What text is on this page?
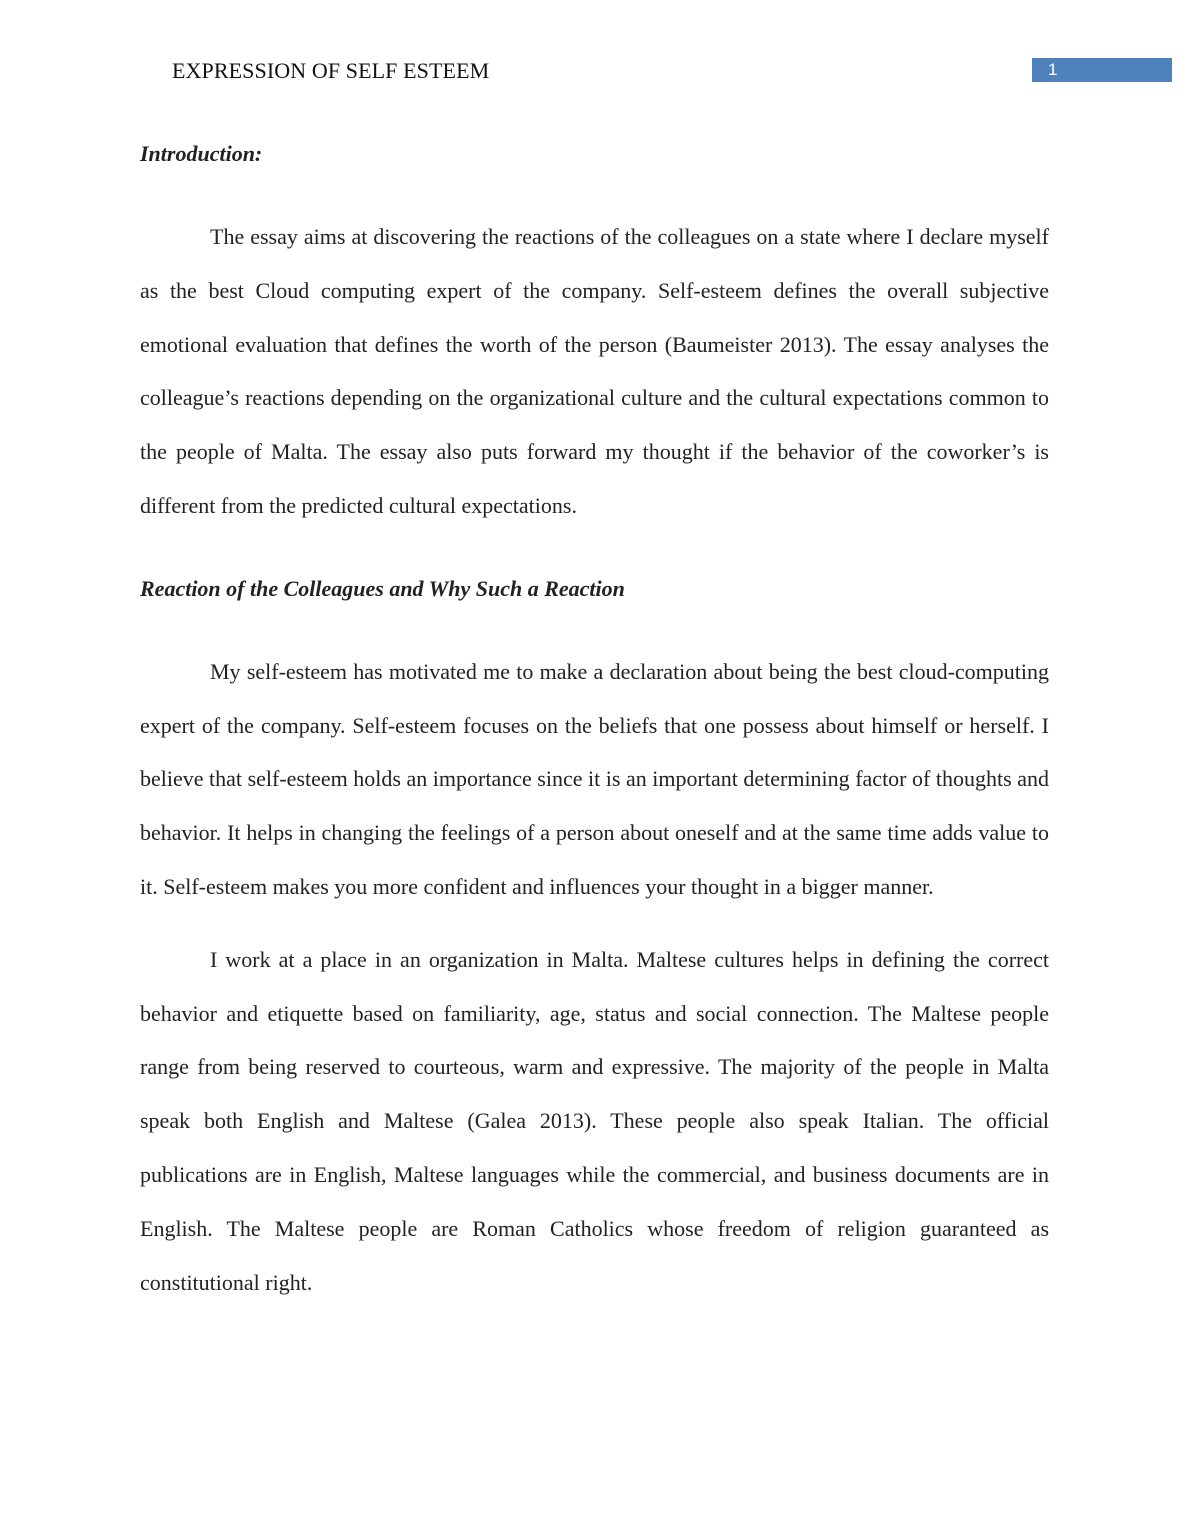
EXPRESSION OF SELF ESTEEM	1
Introduction:

The essay aims at discovering the reactions of the colleagues on a state where I declare myself as the best Cloud computing expert of the company. Self-esteem defines the overall subjective emotional evaluation that defines the worth of the person (Baumeister 2013). The essay analyses the colleague’s reactions depending on the organizational culture and the cultural expectations common to the people of Malta. The essay also puts forward my thought if the behavior of the coworker’s is different from the predicted cultural expectations.

Reaction of the Colleagues and Why Such a Reaction

My self-esteem has motivated me to make a declaration about being the best cloud-computing expert of the company. Self-esteem focuses on the beliefs that one possess about himself or herself. I believe that self-esteem holds an importance since it is an important determining factor of thoughts and behavior. It helps in changing the feelings of a person about oneself and at the same time adds value to it. Self-esteem makes you more confident and influences your thought in a bigger manner.

I work at a place in an organization in Malta. Maltese cultures helps in defining the correct behavior and etiquette based on familiarity, age, status and social connection. The Maltese people range from being reserved to courteous, warm and expressive. The majority of the people in Malta speak both English and Maltese (Galea 2013). These people also speak Italian. The official publications are in English, Maltese languages while the commercial, and business documents are in English. The Maltese people are Roman Catholics whose freedom of religion guaranteed as constitutional right.
